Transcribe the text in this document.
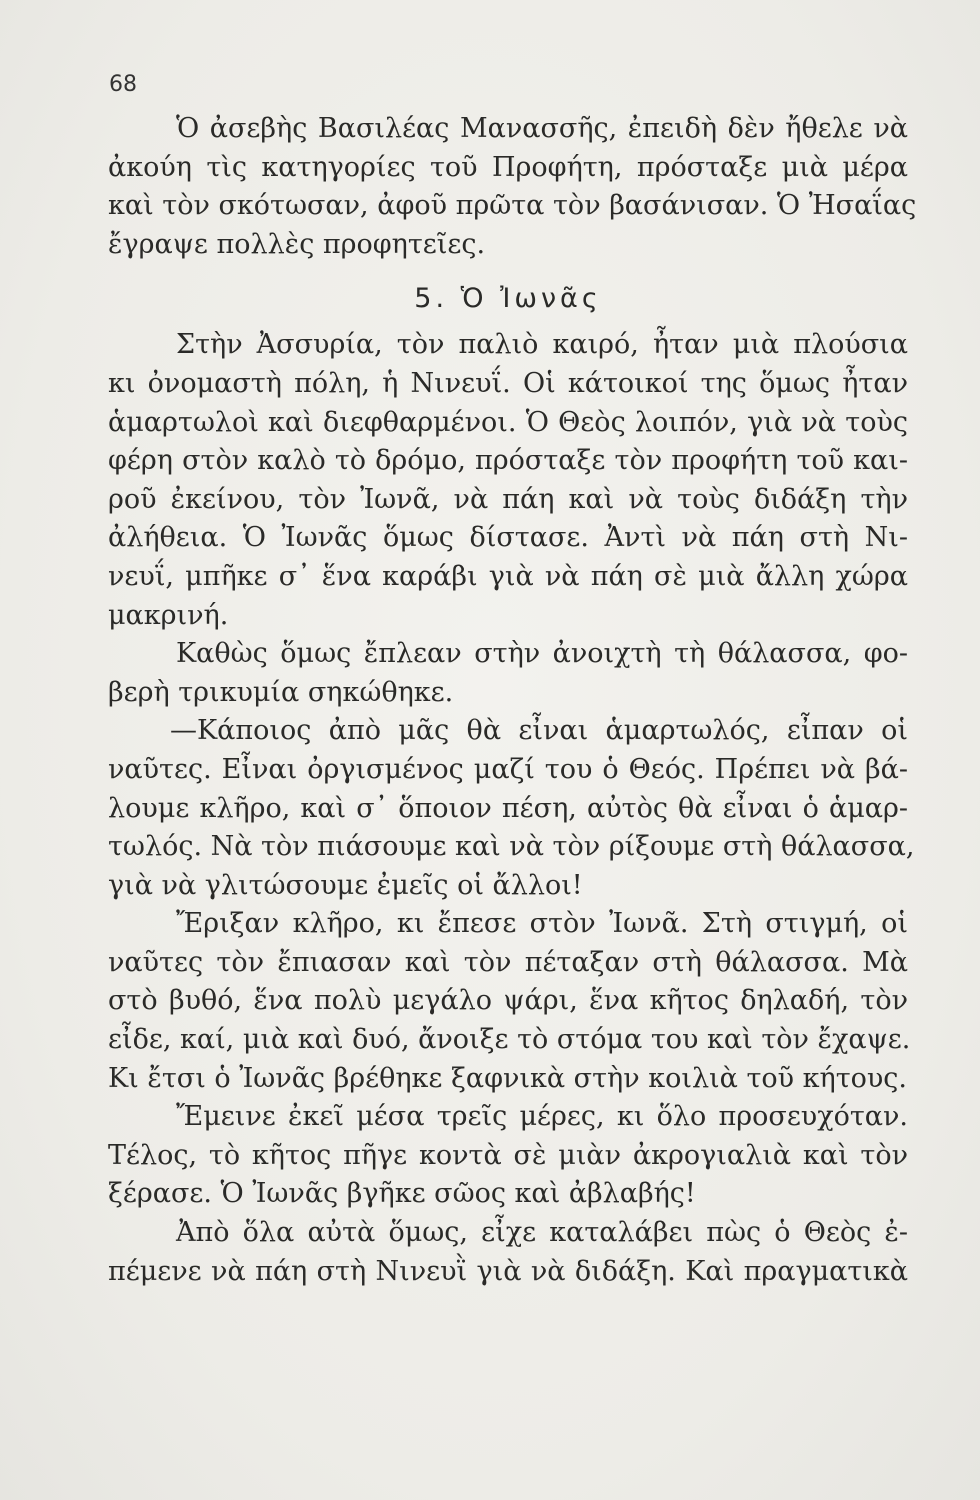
68
Ὁ ἀσεβὴς Βασιλέας Μανασσῆς, ἐπειδὴ δὲν ἤθελε νὰ
ἀκούη τὶς κατηγορίες τοῦ Προφήτη, πρόσταξε μιὰ μέρα
καὶ τὸν σκότωσαν, ἀφοῦ πρῶτα τὸν βασάνισαν. Ὁ Ἠσαΐας
ἔγραψε πολλὲς προφητεῖες.
5. Ὁ Ἰωνᾶς
Στὴν Ἀσσυρία, τὸν παλιὸ καιρό, ἦταν μιὰ πλούσια
κι ὀνομαστὴ πόλη, ἡ Νινευΐ. Οἱ κάτοικοί της ὅμως ἦταν
ἁμαρτωλοὶ καὶ διεφθαρμένοι. Ὁ Θεὸς λοιπόν, γιὰ νὰ τοὺς
φέρη στὸν καλὸ τὸ δρόμο, πρόσταξε τὸν προφήτη τοῦ και-
ροῦ ἐκείνου, τὸν Ἰωνᾶ, νὰ πάη καὶ νὰ τοὺς διδάξη τὴν
ἀλήθεια. Ὁ Ἰωνᾶς ὅμως δίστασε. Ἀντὶ νὰ πάη στὴ Νι-
νευΐ, μπῆκε σ᾽ ἕνα καράβι γιὰ νὰ πάη σὲ μιὰ ἄλλη χώρα
μακρινή.
Καθὼς ὅμως ἔπλεαν στὴν ἀνοιχτὴ τὴ θάλασσα, φο-
βερὴ τρικυμία σηκώθηκε.
—Κάποιος ἀπὸ μᾶς θὰ εἶναι ἁμαρτωλός, εἶπαν οἱ
ναῦτες. Εἶναι ὀργισμένος μαζί του ὁ Θεός. Πρέπει νὰ βά-
λουμε κλῆρο, καὶ σ᾽ ὅποιον πέση, αὐτὸς θὰ εἶναι ὁ ἁμαρ-
τωλός. Νὰ τὸν πιάσουμε καὶ νὰ τὸν ρίξουμε στὴ θάλασσα,
γιὰ νὰ γλιτώσουμε ἐμεῖς οἱ ἄλλοι!
Ἔριξαν κλῆρο, κι ἔπεσε στὸν Ἰωνᾶ. Στὴ στιγμή, οἱ
ναῦτες τὸν ἔπιασαν καὶ τὸν πέταξαν στὴ θάλασσα. Μὰ
στὸ βυθό, ἕνα πολὺ μεγάλο ψάρι, ἕνα κῆτος δηλαδή, τὸν
εἶδε, καί, μιὰ καὶ δυό, ἄνοιξε τὸ στόμα του καὶ τὸν ἔχαψε.
Κι ἔτσι ὁ Ἰωνᾶς βρέθηκε ξαφνικὰ στὴν κοιλιὰ τοῦ κήτους.
Ἔμεινε ἐκεῖ μέσα τρεῖς μέρες, κι ὅλο προσευχόταν.
Τέλος, τὸ κῆτος πῆγε κοντὰ σὲ μιὰν ἀκρογιαλιὰ καὶ τὸν
ξέρασε. Ὁ Ἰωνᾶς βγῆκε σῶος καὶ ἀβλαβής!
Ἀπὸ ὅλα αὐτὰ ὅμως, εἶχε καταλάβει πὼς ὁ Θεὸς ἐ-
πέμενε νὰ πάη στὴ Νινευῒ γιὰ νὰ διδάξη. Καὶ πραγματικὰ
